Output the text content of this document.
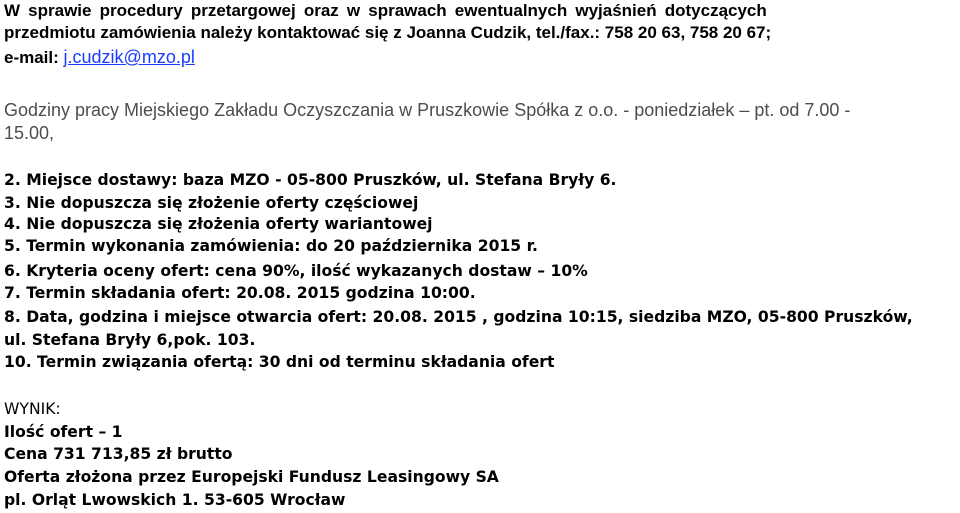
W sprawie procedury przetargowej oraz w sprawach ewentualnych wyjaśnień dotyczących
przedmiotu zamówienia należy kontaktować się z Joanna Cudzik, tel./fax.: 758 20 63, 758 20 67;
e-mail: j.cudzik@mzo.pl
Godziny pracy Miejskiego Zakładu Oczyszczania w Pruszkowie Spółka z o.o. - poniedziałek – pt. od 7.00 -
15.00,
2. Miejsce dostawy: baza MZO - 05-800 Pruszków, ul. Stefana Bryły 6.
3. Nie dopuszcza się złożenie oferty częściowej
4. Nie dopuszcza się złożenia oferty wariantowej
5. Termin wykonania zamówienia: do 20 października 2015 r.
6. Kryteria oceny ofert: cena 90%, ilość wykazanych dostaw – 10%
7. Termin składania ofert: 20.08. 2015 godzina 10:00.
8. Data, godzina i miejsce otwarcia ofert: 20.08. 2015 , godzina 10:15, siedziba MZO, 05-800 Pruszków,
ul. Stefana Bryły 6,pok. 103.
10. Termin związania ofertą: 30 dni od terminu składania ofert
WYNIK:
Ilość ofert – 1
Cena 731 713,85 zł brutto
Oferta złożona przez Europejski Fundusz Leasingowy SA
pl. Orląt Lwowskich 1. 53-605 Wrocław
